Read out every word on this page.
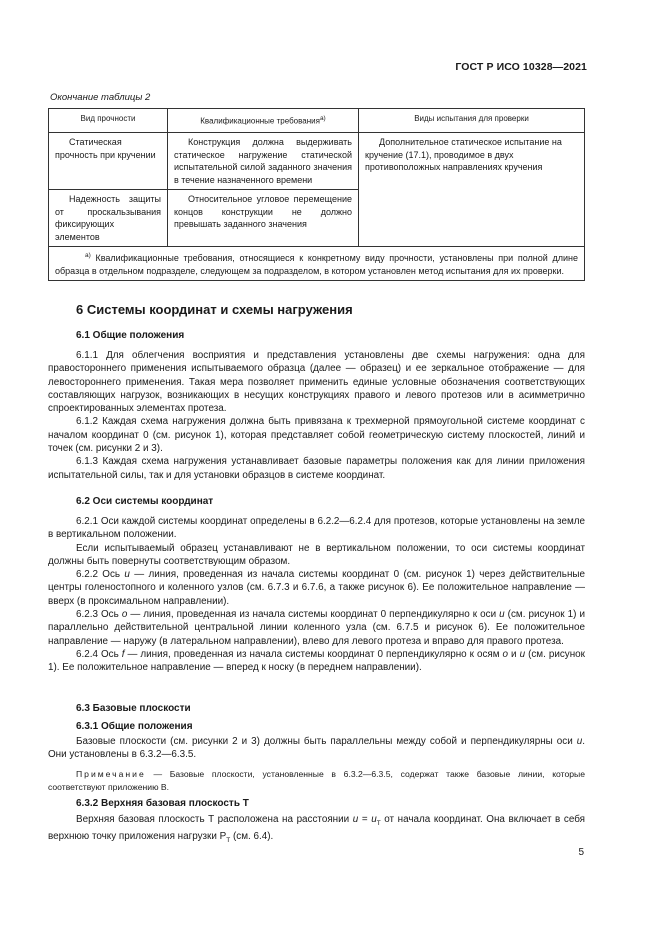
ГОСТ Р ИСО 10328—2021
Окончание таблицы 2
Вид прочности	Квалификационные требования$^{a)}$	Виды испытания для проверки
Статическая прочность при кручении	Конструкция должна выдерживать статическое нагружение статической испытательной силой заданного значения в течение назначенного времени	Дополнительное статическое испытание на кручение (17.1), проводимое в двух противоположных направлениях кручения
Надежность защиты от проскальзывания фиксирующих элементов	Относительное угловое перемещение концов конструкции не должно превышать заданного значения	
$^{a)}$ Квалификационные требования, относящиеся к конкретному виду прочности, установлены при полной длине образца в отдельном подразделе, следующем за подразделом, в котором установлен метод испытания для их проверки.		
6 Системы координат и схемы нагружения
6.1 Общие положения

6.1.1 Для облегчения восприятия и представления установлены две схемы нагружения: одна для правостороннего применения испытываемого образца (далее — образец) и ее зеркальное отображение — для левостороннего применения. Такая мера позволяет применить единые условные обозначения соответствующих составляющих нагрузок, возникающих в несущих конструкциях правого и левого протезов или в асимметрично спроектированных элементах протеза.

6.1.2 Каждая схема нагружения должна быть привязана к трехмерной прямоугольной системе координат с началом координат 0 (см. рисунок 1), которая представляет собой геометрическую систему плоскостей, линий и точек (см. рисунки 2 и 3).

6.1.3 Каждая схема нагружения устанавливает базовые параметры положения как для линии приложения испытательной силы, так и для установки образцов в системе координат.

6.2 Оси системы координат

6.2.1 Оси каждой системы координат определены в 6.2.2—6.2.4 для протезов, которые установлены на земле в вертикальном положении.

Если испытываемый образец устанавливают не в вертикальном положении, то оси системы координат должны быть повернуты соответствующим образом.

6.2.2 Ось u — линия, проведенная из начала системы координат 0 (см. рисунок 1) через действительные центры голеностопного и коленного узлов (см. 6.7.3 и 6.7.6, а также рисунок 6). Ее положительное направление — вверх (в проксимальном направлении).

6.2.3 Ось o — линия, проведенная из начала системы координат 0 перпендикулярно к оси u (см. рисунок 1) и параллельно действительной центральной линии коленного узла (см. 6.7.5 и рисунок 6). Ее положительное направление — наружу (в латеральном направлении), влево для левого протеза и вправо для правого протеза.

6.2.4 Ось f — линия, проведенная из начала системы координат 0 перпендикулярно к осям o и u (см. рисунок 1). Ее положительное направление — вперед к носку (в переднем направлении).

6.3 Базовые плоскости
6.3.1 Общие положения

Базовые плоскости (см. рисунки 2 и 3) должны быть параллельны между собой и перпендикулярны оси u. Они установлены в 6.3.2—6.3.5.

Примечание — Базовые плоскости, установленные в 6.3.2—6.3.5, содержат также базовые линии, которые соответствуют приложению В.

6.3.2 Верхняя базовая плоскость T

Верхняя базовая плоскость T расположена на расстоянии $u = u_T$ от начала координат. Она включает в себя верхнюю точку приложения нагрузки $P_T$ (см. 6.4).

5
